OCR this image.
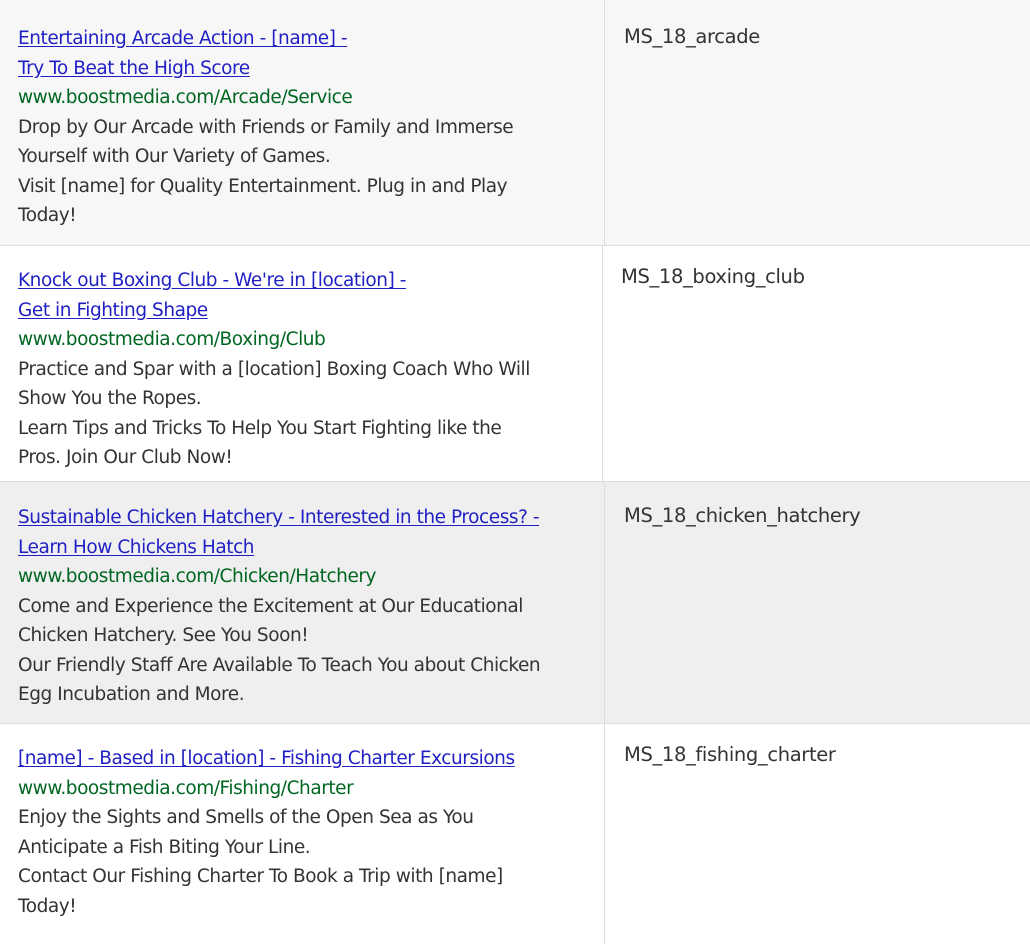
Entertaining Arcade Action - [name] -
Try To Beat the High Score
www.boostmedia.com/Arcade/Service
Drop by Our Arcade with Friends or Family and Immerse
Yourself with Our Variety of Games.
Visit [name] for Quality Entertainment. Plug in and Play
Today!
MS_18_arcade
Knock out Boxing Club - We're in [location] -
Get in Fighting Shape
www.boostmedia.com/Boxing/Club
Practice and Spar with a [location] Boxing Coach Who Will
Show You the Ropes.
Learn Tips and Tricks To Help You Start Fighting like the
Pros. Join Our Club Now!
MS_18_boxing_club
Sustainable Chicken Hatchery - Interested in the Process? -
Learn How Chickens Hatch
www.boostmedia.com/Chicken/Hatchery
Come and Experience the Excitement at Our Educational
Chicken Hatchery. See You Soon!
Our Friendly Staff Are Available To Teach You about Chicken
Egg Incubation and More.
MS_18_chicken_hatchery
[name] - Based in [location] - Fishing Charter Excursions
www.boostmedia.com/Fishing/Charter
Enjoy the Sights and Smells of the Open Sea as You
Anticipate a Fish Biting Your Line.
Contact Our Fishing Charter To Book a Trip with [name]
Today!
MS_18_fishing_charter
